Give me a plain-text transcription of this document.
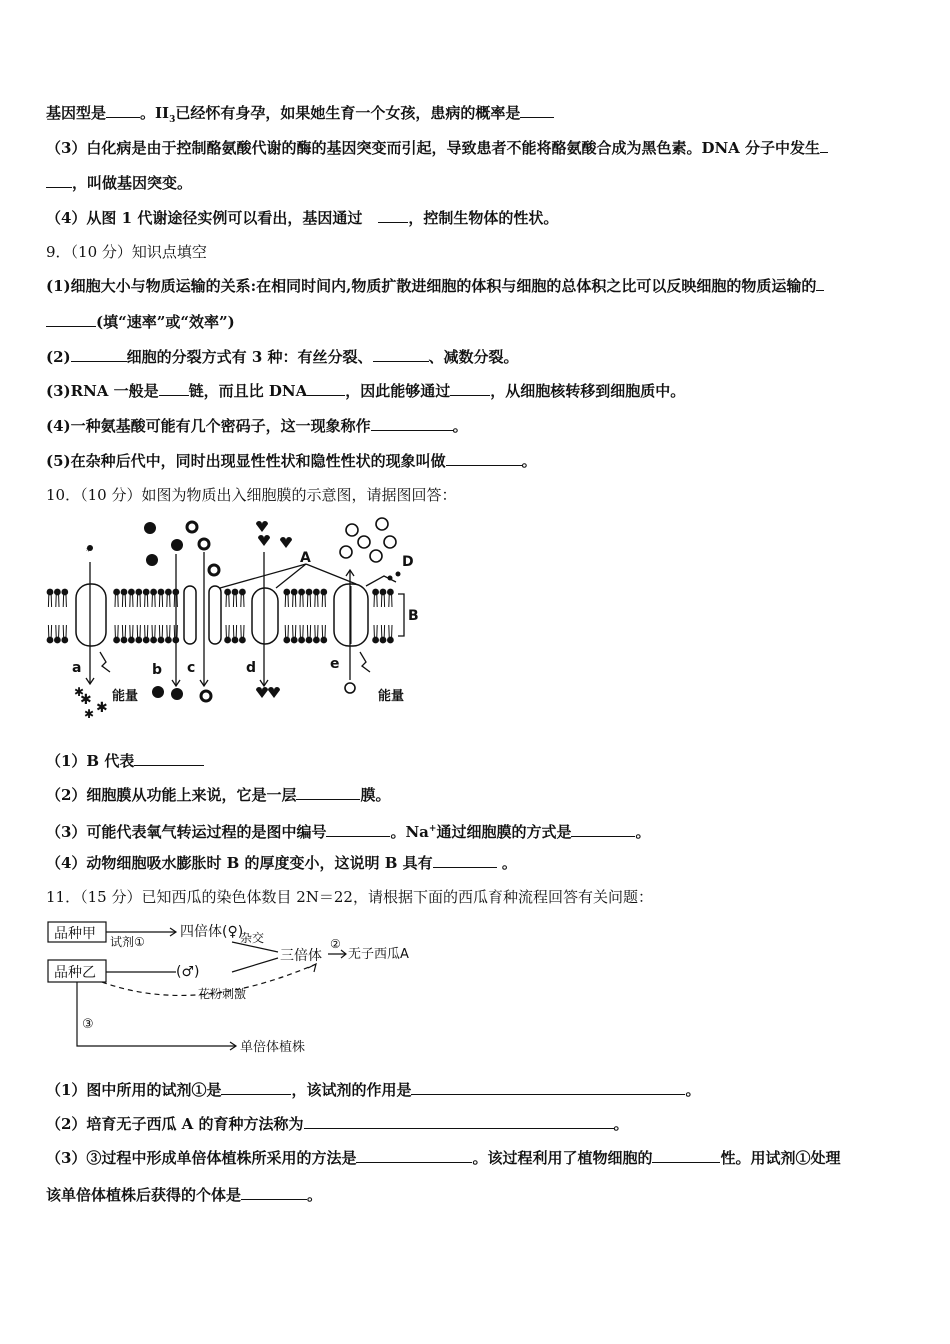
基因型是 。$II_3$已经怀有身孕，如果她生育一个女孩，患病的概率是
（3）白化病是由于控制酪氨酸代谢的酶的基因突变而引起，导致患者不能将酪氨酸合成为黑色素。DNA 分子中发生
，叫做基因突变。
（4）从图 1 代谢途径实例可以看出，基因通过	，控制生物体的性状。
9．（10 分）知识点填空
(1)细胞大小与物质运输的关系:在相同时间内,物质扩散进细胞的体积与细胞的总体积之比可以反映细胞的物质运输的
(填“速率”或“效率”)
(2)	细胞的分裂方式有 3 种：有丝分裂、	、减数分裂。
(3)RNA 一般是 链，而且比 DNA	，因此能够通过	，从细胞核转移到细胞质中。
(4)一种氨基酸可能有几个密码子，这一现象称作	。
(5)在杂种后代中，同时出现显性性状和隐性性状的现象叫做	。
10．（10 分）如图为物质出入细胞膜的示意图，请据图回答：
*
✱ ✱
✱
✱
A
B
D
a	b c	d	e
能量	能量
（1）B 代表
（2）细胞膜从功能上来说，它是一层	膜。
（3）可能代表氧气转运过程的是图中编号	。Na+通过细胞膜的方式是	。
（4）动物细胞吸水膨胀时 B 的厚度变小，这说明 B 具有	。
11．（15 分）已知西瓜的染色体数目 2N＝22，请根据下面的西瓜育种流程回答有关问题：
品种甲
品种乙
试剂①
四倍体(♀)
(♂)
杂交
三倍体
②
无子西瓜A
花粉刺激
③
单倍体植株
（1）图中所用的试剂①是	，该试剂的作用是	。
（2）培育无子西瓜 A 的育种方法称为	。
（3）③过程中形成单倍体植株所采用的方法是	。该过程利用了植物细胞的	性。用试剂①处理
该单倍体植株后获得的个体是	。
